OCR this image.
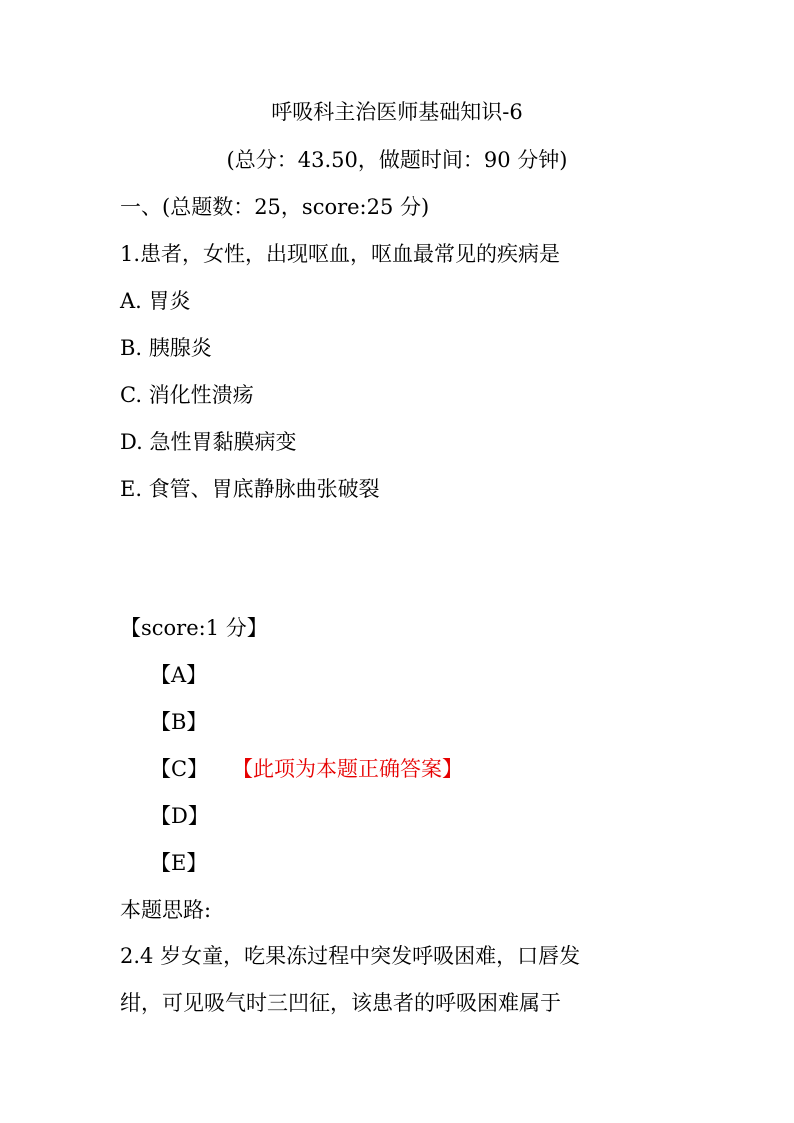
呼吸科主治医师基础知识-6
(总分：43.50，做题时间：90 分钟)
一、(总题数：25，score:25 分)
1.患者，女性，出现呕血，呕血最常见的疾病是
A. 胃炎
B. 胰腺炎
C. 消化性溃疡
D. 急性胃黏膜病变
E. 食管、胃底静脉曲张破裂
【score:1 分】
【A】
【B】
【C】 【此项为本题正确答案】
【D】
【E】
本题思路:
2.4 岁女童，吃果冻过程中突发呼吸困难，口唇发
绀，可见吸气时三凹征，该患者的呼吸困难属于
